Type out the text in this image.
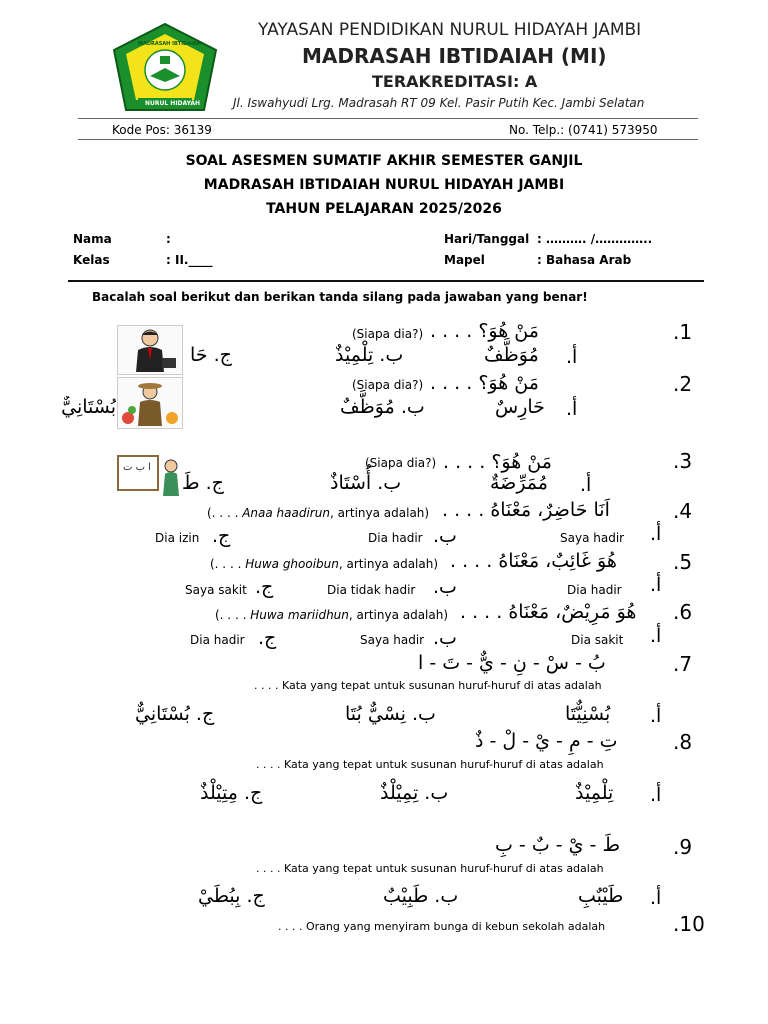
MADRASAH IBTIDAIAH
NURUL HIDAYAH
YAYASAN PENDIDIKAN NURUL HIDAYAH JAMBI
MADRASAH IBTIDAIAH (MI)
TERAKREDITASI: A
Jl. Iswahyudi Lrg. Madrasah RT 09 Kel. Pasir Putih Kec. Jambi Selatan
Kode Pos: 36139	No. Telp.: (0741) 573950
SOAL ASESMEN SUMATIF AKHIR SEMESTER GANJIL
MADRASAH IBTIDAIAH NURUL HIDAYAH JAMBI
TAHUN PELAJARAN 2025/2026
Nama	:
Kelas	: II.____
Hari/Tanggal : ………. /…………..
Mapel	: Bahasa Arab
Bacalah soal berikut dan berikan tanda silang pada jawaban yang benar!
.1
مَنْ هُوَ؟ . . . .
(Siapa dia?)
أ.
مُوَظَّفٌ
ب. تِلْمِيْذٌ
ج. حَا
.2
مَنْ هُوَ؟ . . . .
(Siapa dia?)
أ.
حَارِسٌ
ب. مُوَظَّفٌ
بُسْتَانِيٌّ
ا ب ت	.3
مَنْ هُوَ؟ . . . .
(Siapa dia?)
أ.
مُمَرِّضَةٌ
ب. أُسْتَاذٌ
ج. طَ
.4
اَنَا حَاضِرٌ، مَعْنَاهُ . . . .
(. . . . Anaa haadirun, artinya adalah)
أ.
Saya hadir
ب.
Dia hadir
ج.
Dia izin
.5
هُوَ غَائِبٌ، مَعْنَاهُ . . . .
(. . . . Huwa ghooibun, artinya adalah)
أ.
Dia hadir
ب.
Dia tidak hadir
ج.
Saya sakit
.6
هُوَ مَرِيْضٌ، مَعْنَاهُ . . . .
(. . . . Huwa mariidhun, artinya adalah)
أ.
Dia sakit
ب.
Saya hadir
ج.
Dia hadir
.7
بُ - سْ - نِ - يٌّ - تَ - ا
. . . . Kata yang tepat untuk susunan huruf-huruf di atas adalah
أ.
بُسْنِيٌّتَا
ب. نِسْيٌّ بُتَا
ج. بُسْتَانِيٌّ
.8
تِ - مِ - يْ - لْ - ذٌ
. . . . Kata yang tepat untuk susunan huruf-huruf di atas adalah
أ.
تِلْمِيْذٌ
ب. تِمِيْلْذٌ
ج. مِتِيْلْذٌ
.9
طَ - يْ - بٌ - بِ
. . . . Kata yang tepat untuk susunan huruf-huruf di atas adalah
أ.
طَيْبٌبِ
ب. طَبِيْبٌ
ج. بِبُطَيْ
.10
. . . . Orang yang menyiram bunga di kebun sekolah adalah
